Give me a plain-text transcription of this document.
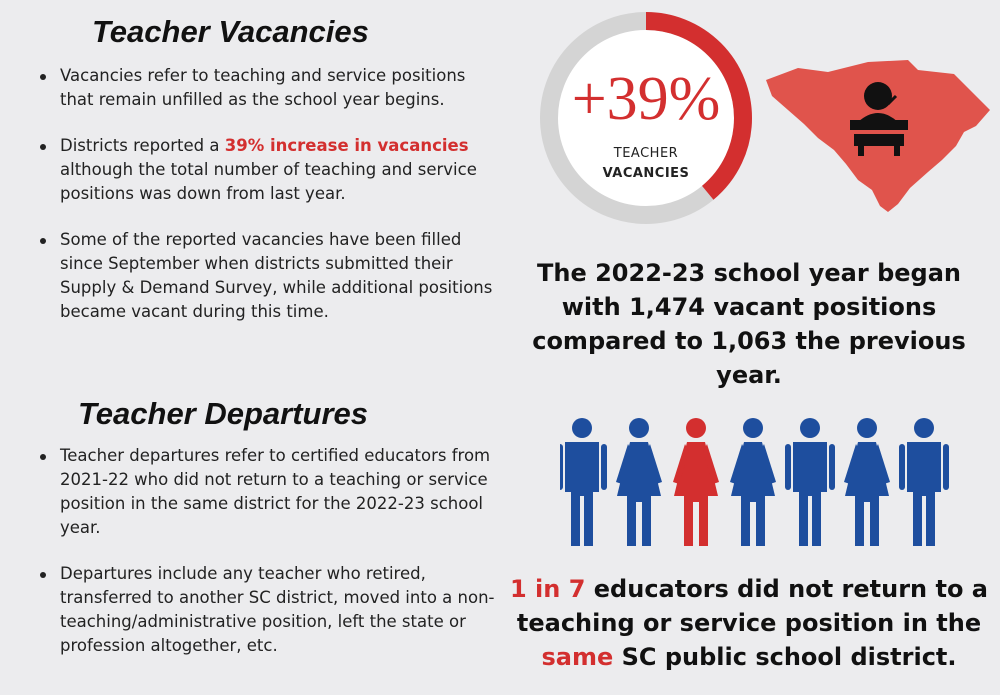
Teacher Vacancies
Vacancies refer to teaching and service positions that remain unfilled as the school year begins.
Districts reported a 39% increase in vacancies although the total number of teaching and service positions was down from last year.
Some of the reported vacancies have been filled since September when districts submitted their Supply & Demand Survey, while additional positions became vacant during this time.
+39%
TEACHER
VACANCIES
The 2022-23 school year began with 1,474 vacant positions compared to 1,063 the previous year.
Teacher Departures
Teacher departures refer to certified educators from 2021-22 who did not return to a teaching or service position in the same district for the 2022-23 school year.
Departures include any teacher who retired, transferred to another SC district, moved into a non-teaching/administrative position, left the state or profession altogether, etc.
1 in 7 educators did not return to a teaching or service position in the same SC public school district.
